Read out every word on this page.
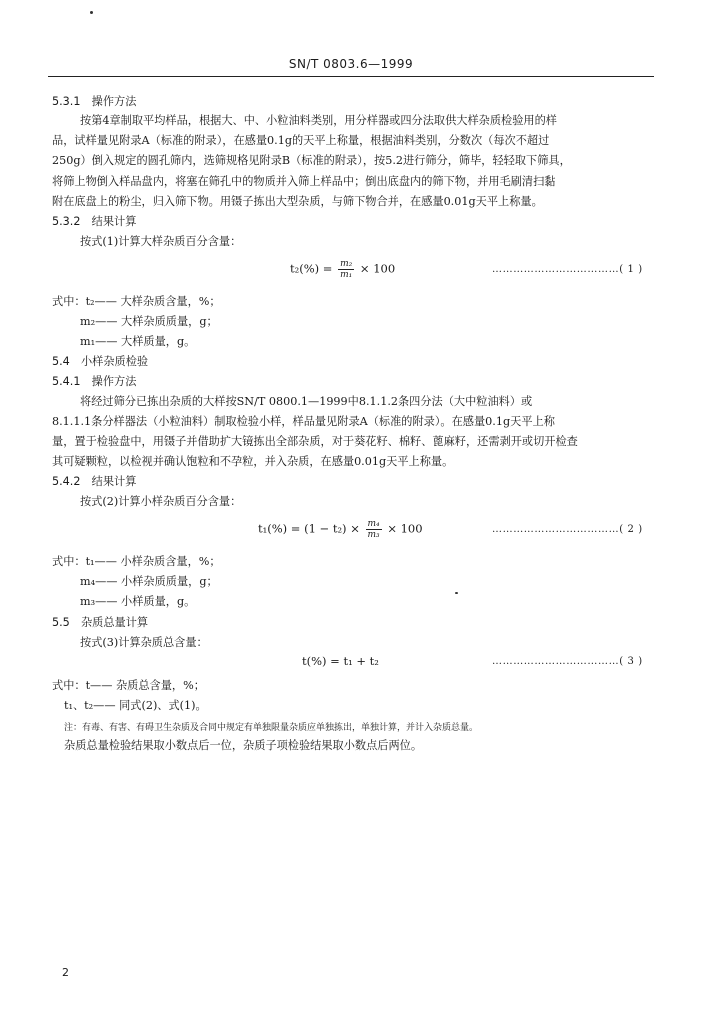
SN/T 0803.6—1999
5.3.1　操作方法
按第4章制取平均样品，根据大、中、小粒油料类别，用分样器或四分法取供大样杂质检验用的样
品，试样量见附录A（标准的附录），在感量0.1g的天平上称量，根据油料类别，分数次（每次不超过
250g）倒入规定的圆孔筛内，选筛规格见附录B（标准的附录），按5.2进行筛分，筛毕，轻轻取下筛具，
将筛上物倒入样品盘内，将塞在筛孔中的物质并入筛上样品中；倒出底盘内的筛下物，并用毛刷清扫黏
附在底盘上的粉尘，归入筛下物。用镊子拣出大型杂质，与筛下物合并，在感量0.01g天平上称量。
5.3.2　结果计算
按式(1)计算大样杂质百分含量：
$t_2(\%) = \frac{\text{m₂}}{\text{m₁}} \times 100$	………………………………( 1 )
式中：t₂—— 大样杂质含量，%；
m₂—— 大样杂质质量，g；
m₁—— 大样质量，g。
5.4　小样杂质检验
5.4.1　操作方法
将经过筛分已拣出杂质的大样按SN/T 0800.1—1999中8.1.1.2条四分法（大中粒油料）或
8.1.1.1条分样器法（小粒油料）制取检验小样，样品量见附录A（标准的附录）。在感量0.1g天平上称
量，置于检验盘中，用镊子并借助扩大镜拣出全部杂质，对于葵花籽、棉籽、蓖麻籽，还需剥开或切开检查
其可疑颗粒，以检视并确认饱粒和不孕粒，并入杂质，在感量0.01g天平上称量。
5.4.2　结果计算
按式(2)计算小样杂质百分含量：
$t_1(\%) = (1 - t_2) \times \frac{\text{m₄}}{\text{m₃}} \times 100$	………………………………( 2 )
式中：t₁—— 小样杂质含量，%；
m₄—— 小样杂质质量，g；
m₃—— 小样质量，g。
5.5　杂质总量计算
按式(3)计算杂质总含量：
t(%) = t₁ + t₂	………………………………( 3 )
式中：t—— 杂质总含量，%；
t₁、t₂—— 同式(2)、式(1)。
注：有毒、有害、有碍卫生杂质及合同中规定有单独限量杂质应单独拣出，单独计算，并计入杂质总量。
杂质总量检验结果取小数点后一位，杂质子项检验结果取小数点后两位。
2
